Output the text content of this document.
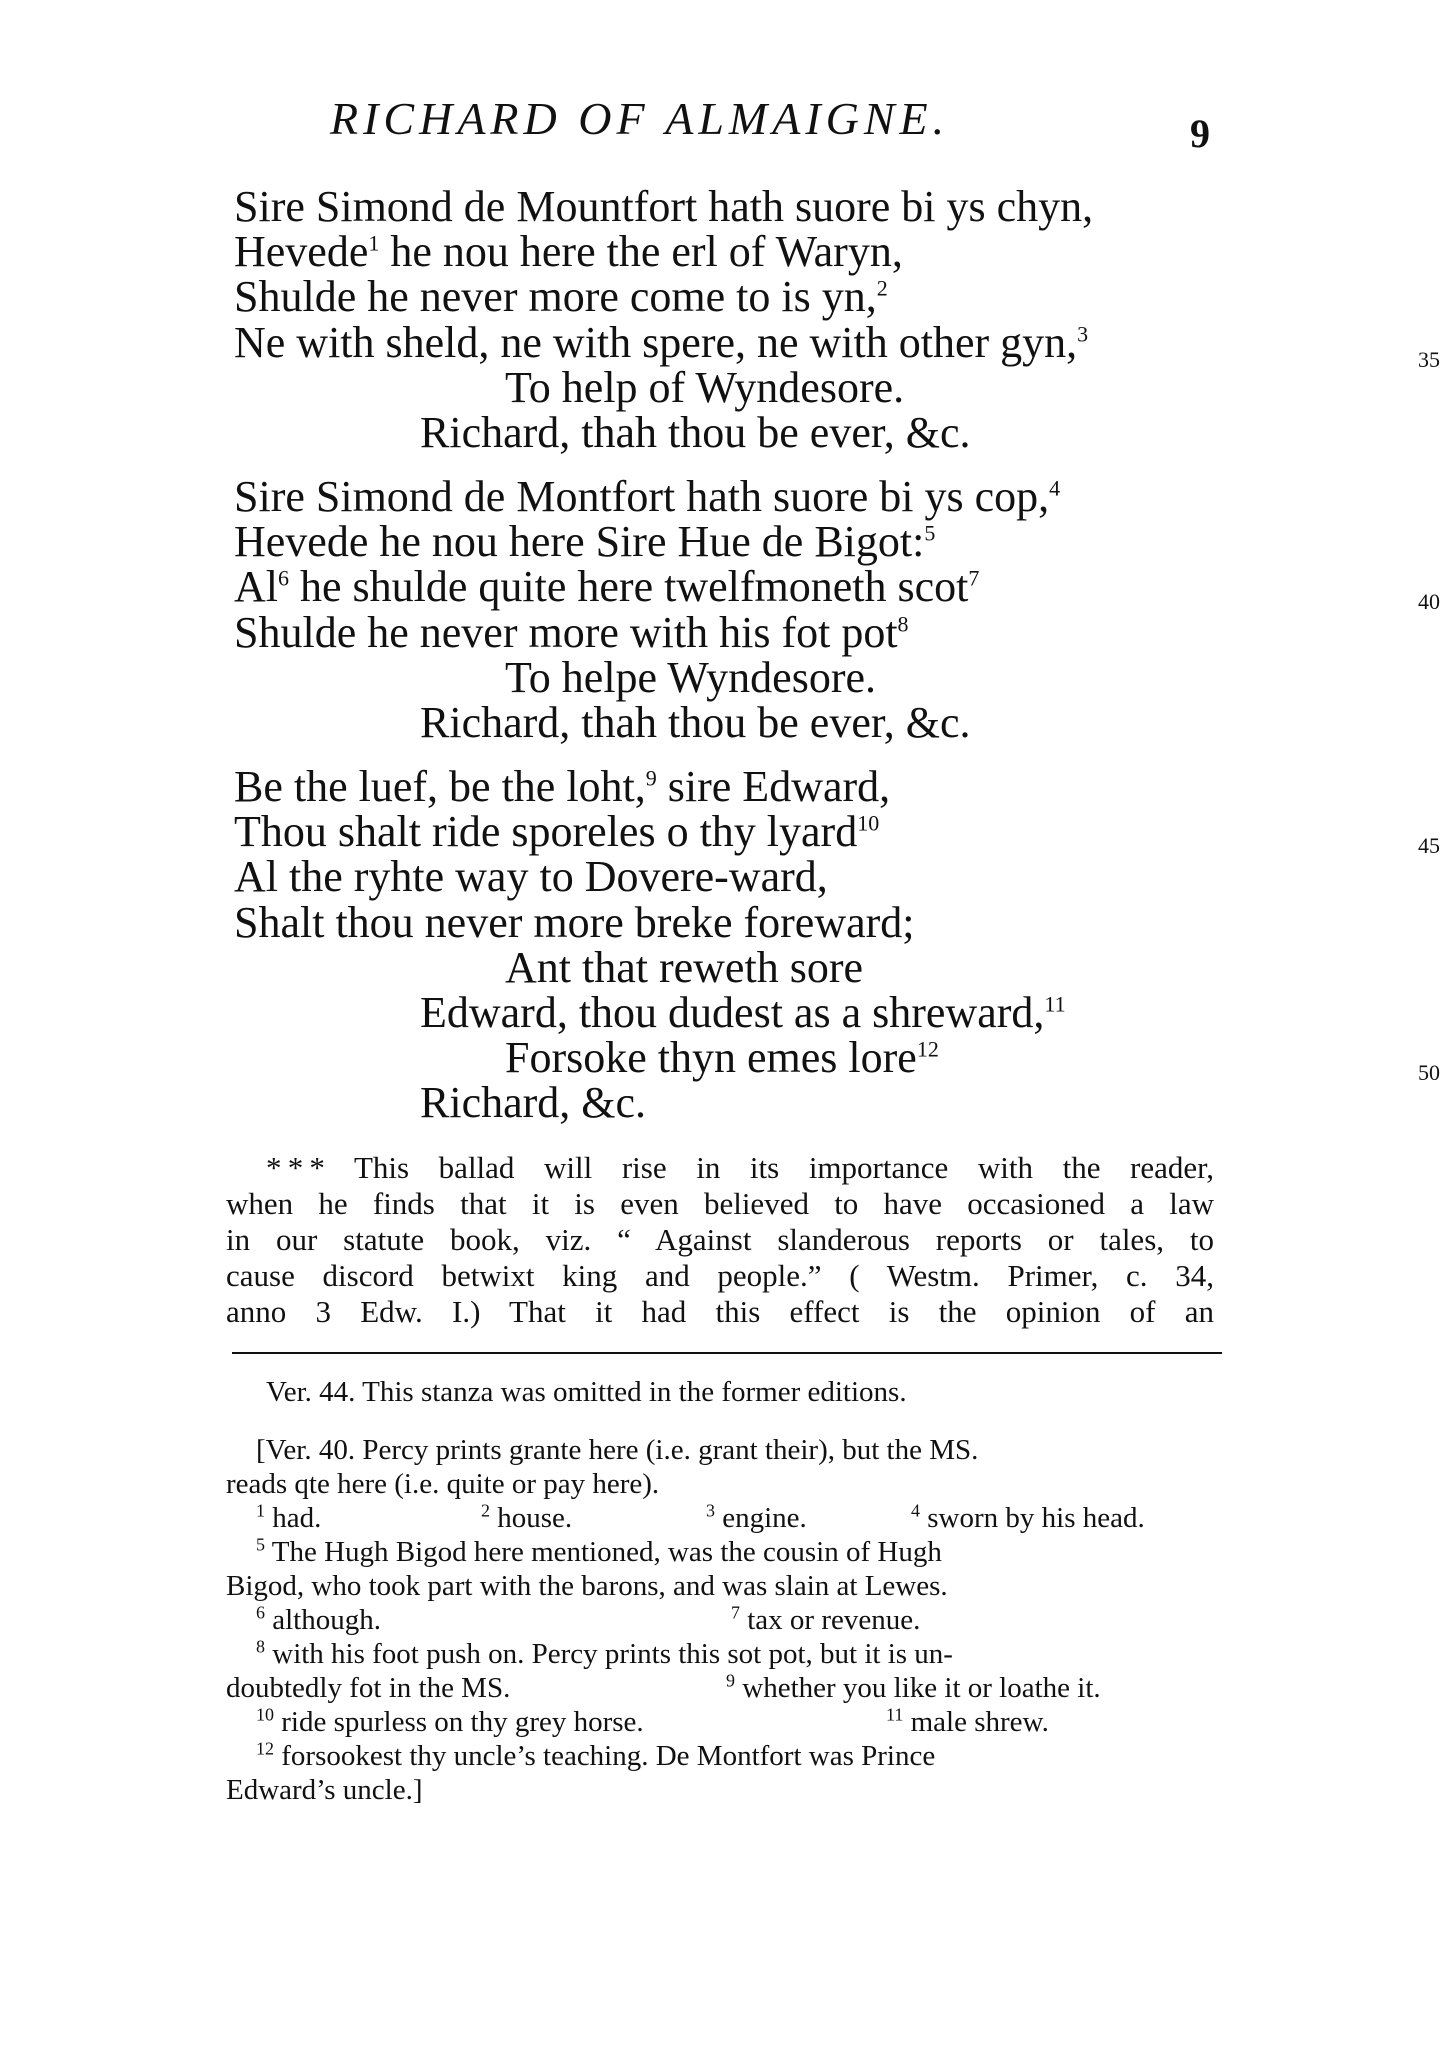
RICHARD OF ALMAIGNE.	9
Sire Simond de Mountfort hath suore bi ys chyn,
Hevede$^1$ he nou here the erl of Waryn,
Shulde he never more come to is yn,$^2$
Ne with sheld, ne with spere, ne with other gyn,$^3$
35
To help of Wyndesore.
Richard, thah thou be ever, &c.
Sire Simond de Montfort hath suore bi ys cop,$^4$
Hevede he nou here Sire Hue de Bigot:$^5$
Al$^6$ he shulde quite here twelfmoneth scot$^7$
40
Shulde he never more with his fot pot$^8$
To helpe Wyndesore.
Richard, thah thou be ever, &c.
Be the luef, be the loht,$^9$ sire Edward,
Thou shalt ride sporeles o thy lyard$^{10}$
45
Al the ryhte way to Dovere-ward,
Shalt thou never more breke foreward;
Ant that reweth sore
Edward, thou dudest as a shreward,$^{11}$
Forsoke thyn emes lore$^{12}$
50
Richard, &c.
* * * This ballad will rise in its importance with the reader,
when he finds that it is even believed to have occasioned a law
in our statute book, viz. “ Against slanderous reports or tales, to
cause discord betwixt king and people.” ( Westm. Primer, c. 34,
anno 3 Edw. I.) That it had this effect is the opinion of an
Ver. 44. This stanza was omitted in the former editions.
[Ver. 40. Percy prints grante here (i.e. grant their), but the MS.
reads qte here (i.e. quite or pay here).
$^1$ had.	$^2$ house.	$^3$ engine.	$^4$ sworn by his head.
$^5$ The Hugh Bigod here mentioned, was the cousin of Hugh
Bigod, who took part with the barons, and was slain at Lewes.
$^6$ although.	$^7$ tax or revenue.
$^8$ with his foot push on. Percy prints this sot pot, but it is un-
doubtedly fot in the MS.	$^9$ whether you like it or loathe it.
$^{10}$ ride spurless on thy grey horse.	$^{11}$ male shrew.
$^{12}$ forsookest thy uncle’s teaching. De Montfort was Prince
Edward’s uncle.]
